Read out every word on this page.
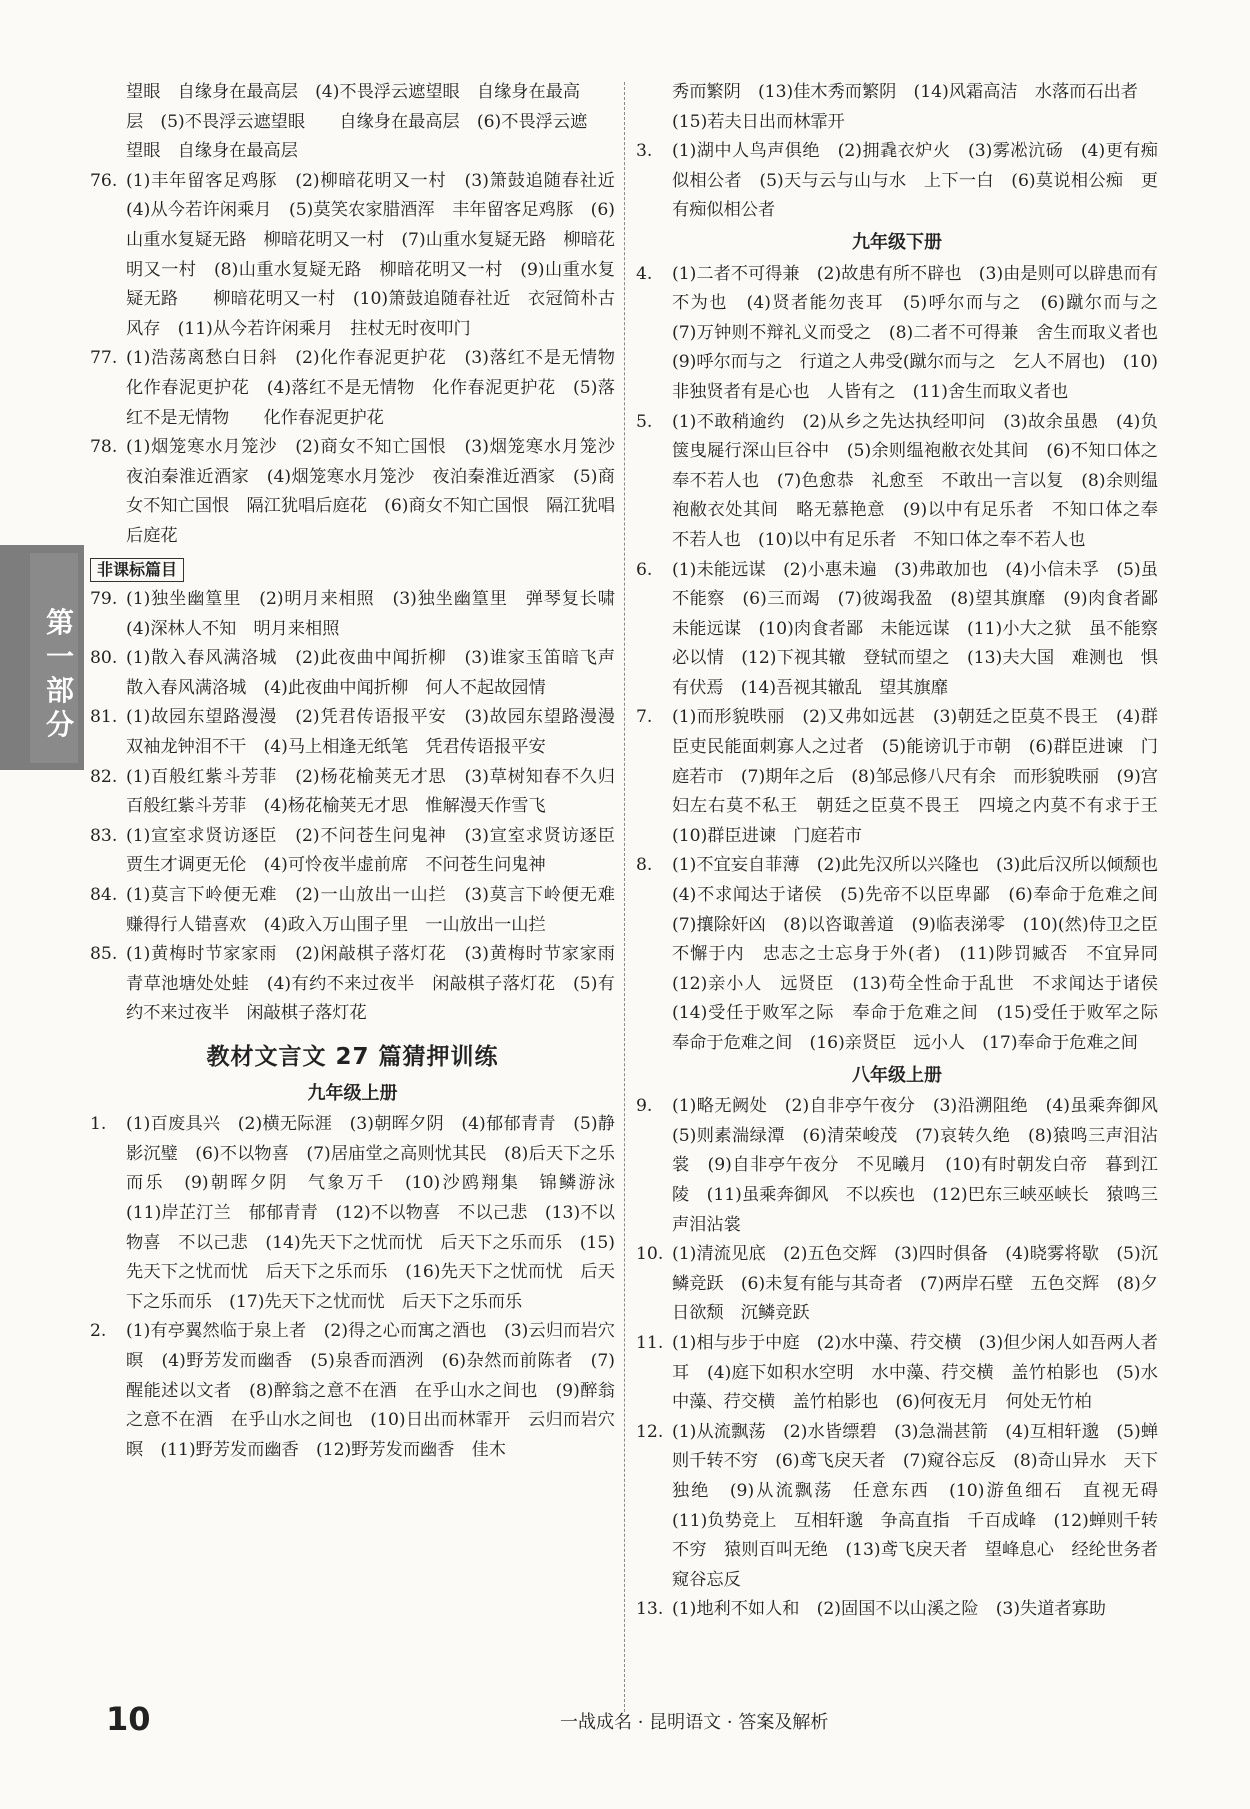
第一部分
望眼　自缘身在最高层　(4)不畏浮云遮望眼　自缘身在最高
层　(5)不畏浮云遮望眼　　自缘身在最高层　(6)不畏浮云遮
望眼　自缘身在最高层
76. (1)丰年留客足鸡豚　(2)柳暗花明又一村　(3)箫鼓追随春社近　(4)从今若许闲乘月　(5)莫笑农家腊酒浑　丰年留客足鸡豚　(6)山重水复疑无路　柳暗花明又一村　(7)山重水复疑无路　柳暗花明又一村　(8)山重水复疑无路　柳暗花明又一村　(9)山重水复疑无路　　柳暗花明又一村　(10)箫鼓追随春社近　衣冠简朴古风存　(11)从今若许闲乘月　拄杖无时夜叩门
77. (1)浩荡离愁白日斜　(2)化作春泥更护花　(3)落红不是无情物　化作春泥更护花　(4)落红不是无情物　化作春泥更护花　(5)落红不是无情物　　化作春泥更护花
78. (1)烟笼寒水月笼沙　(2)商女不知亡国恨　(3)烟笼寒水月笼沙　夜泊秦淮近酒家　(4)烟笼寒水月笼沙　夜泊秦淮近酒家　(5)商女不知亡国恨　隔江犹唱后庭花　(6)商女不知亡国恨　隔江犹唱后庭花
非课标篇目
79. (1)独坐幽篁里　(2)明月来相照　(3)独坐幽篁里　弹琴复长啸　(4)深林人不知　明月来相照
80. (1)散入春风满洛城　(2)此夜曲中闻折柳　(3)谁家玉笛暗飞声　散入春风满洛城　(4)此夜曲中闻折柳　何人不起故园情
81. (1)故园东望路漫漫　(2)凭君传语报平安　(3)故园东望路漫漫　双袖龙钟泪不干　(4)马上相逢无纸笔　凭君传语报平安
82. (1)百般红紫斗芳菲　(2)杨花榆荚无才思　(3)草树知春不久归　百般红紫斗芳菲　(4)杨花榆荚无才思　惟解漫天作雪飞
83. (1)宣室求贤访逐臣　(2)不问苍生问鬼神　(3)宣室求贤访逐臣　贾生才调更无伦　(4)可怜夜半虚前席　不问苍生问鬼神
84. (1)莫言下岭便无难　(2)一山放出一山拦　(3)莫言下岭便无难　赚得行人错喜欢　(4)政入万山围子里　一山放出一山拦
85. (1)黄梅时节家家雨　(2)闲敲棋子落灯花　(3)黄梅时节家家雨　青草池塘处处蛙　(4)有约不来过夜半　闲敲棋子落灯花　(5)有约不来过夜半　闲敲棋子落灯花
教材文言文 27 篇猜押训练
九年级上册
1.	(1)百废具兴　(2)横无际涯　(3)朝晖夕阴　(4)郁郁青青　(5)静影沉璧　(6)不以物喜　(7)居庙堂之高则忧其民　(8)后天下之乐而乐　(9)朝晖夕阴　气象万千　(10)沙鸥翔集　锦鳞游泳　(11)岸芷汀兰　郁郁青青　(12)不以物喜　不以己悲　(13)不以物喜　不以己悲　(14)先天下之忧而忧　后天下之乐而乐　(15)先天下之忧而忧　后天下之乐而乐　(16)先天下之忧而忧　后天下之乐而乐　(17)先天下之忧而忧　后天下之乐而乐
2.	(1)有亭翼然临于泉上者　(2)得之心而寓之酒也　(3)云归而岩穴暝　(4)野芳发而幽香　(5)泉香而酒洌　(6)杂然而前陈者　(7)醒能述以文者　(8)醉翁之意不在酒　在乎山水之间也　(9)醉翁之意不在酒　在乎山水之间也　(10)日出而林霏开　云归而岩穴暝　(11)野芳发而幽香　(12)野芳发而幽香　佳木
秀而繁阴　(13)佳木秀而繁阴　(14)风霜高洁　水落而石出者
(15)若夫日出而林霏开
3.	(1)湖中人鸟声俱绝　(2)拥毳衣炉火　(3)雾凇沆砀　(4)更有痴似相公者　(5)天与云与山与水　上下一白　(6)莫说相公痴　更有痴似相公者
九年级下册
4.	(1)二者不可得兼　(2)故患有所不辟也　(3)由是则可以辟患而有不为也　(4)贤者能勿丧耳　(5)呼尔而与之　(6)蹴尔而与之　(7)万钟则不辩礼义而受之　(8)二者不可得兼　舍生而取义者也　(9)呼尔而与之　行道之人弗受(蹴尔而与之　乞人不屑也)　(10)非独贤者有是心也　人皆有之　(11)舍生而取义者也
5.	(1)不敢稍逾约　(2)从乡之先达执经叩问　(3)故余虽愚　(4)负箧曳屣行深山巨谷中　(5)余则缊袍敝衣处其间　(6)不知口体之奉不若人也　(7)色愈恭　礼愈至　不敢出一言以复　(8)余则缊袍敝衣处其间　略无慕艳意　(9)以中有足乐者　不知口体之奉不若人也　(10)以中有足乐者　不知口体之奉不若人也
6.	(1)未能远谋　(2)小惠未遍　(3)弗敢加也　(4)小信未孚　(5)虽不能察　(6)三而竭　(7)彼竭我盈　(8)望其旗靡　(9)肉食者鄙　未能远谋　(10)肉食者鄙　未能远谋　(11)小大之狱　虽不能察　必以情　(12)下视其辙　登轼而望之　(13)夫大国　难测也　惧有伏焉　(14)吾视其辙乱　望其旗靡
7.	(1)而形貌昳丽　(2)又弗如远甚　(3)朝廷之臣莫不畏王　(4)群臣吏民能面刺寡人之过者　(5)能谤讥于市朝　(6)群臣进谏　门庭若市　(7)期年之后　(8)邹忌修八尺有余　而形貌昳丽　(9)宫妇左右莫不私王　朝廷之臣莫不畏王　四境之内莫不有求于王　(10)群臣进谏　门庭若市
8.	(1)不宜妄自菲薄　(2)此先汉所以兴隆也　(3)此后汉所以倾颓也　(4)不求闻达于诸侯　(5)先帝不以臣卑鄙　(6)奉命于危难之间　(7)攘除奸凶　(8)以咨诹善道　(9)临表涕零　(10)(然)侍卫之臣不懈于内　忠志之士忘身于外(者)　(11)陟罚臧否　不宜异同　(12)亲小人　远贤臣　(13)苟全性命于乱世　不求闻达于诸侯　(14)受任于败军之际　奉命于危难之间　(15)受任于败军之际　奉命于危难之间　(16)亲贤臣　远小人　(17)奉命于危难之间
八年级上册
9.	(1)略无阙处　(2)自非亭午夜分　(3)沿溯阻绝　(4)虽乘奔御风　(5)则素湍绿潭　(6)清荣峻茂　(7)哀转久绝　(8)猿鸣三声泪沾裳　(9)自非亭午夜分　不见曦月　(10)有时朝发白帝　暮到江陵　(11)虽乘奔御风　不以疾也　(12)巴东三峡巫峡长　猿鸣三声泪沾裳
10. (1)清流见底　(2)五色交辉　(3)四时俱备　(4)晓雾将歇　(5)沉鳞竞跃　(6)未复有能与其奇者　(7)两岸石壁　五色交辉　(8)夕日欲颓　沉鳞竞跃
11. (1)相与步于中庭　(2)水中藻、荇交横　(3)但少闲人如吾两人者耳　(4)庭下如积水空明　水中藻、荇交横　盖竹柏影也　(5)水中藻、荇交横　盖竹柏影也　(6)何夜无月　何处无竹柏
12. (1)从流飘荡　(2)水皆缥碧　(3)急湍甚箭　(4)互相轩邈　(5)蝉则千转不穷　(6)鸢飞戾天者　(7)窥谷忘反　(8)奇山异水　天下独绝　(9)从流飘荡　任意东西　(10)游鱼细石　直视无碍　(11)负势竞上　互相轩邈　争高直指　千百成峰　(12)蝉则千转不穷　猿则百叫无绝　(13)鸢飞戾天者　望峰息心　经纶世务者　窥谷忘反
13. (1)地利不如人和　(2)固国不以山溪之险　(3)失道者寡助
10	一战成名 · 昆明语文 · 答案及解析
